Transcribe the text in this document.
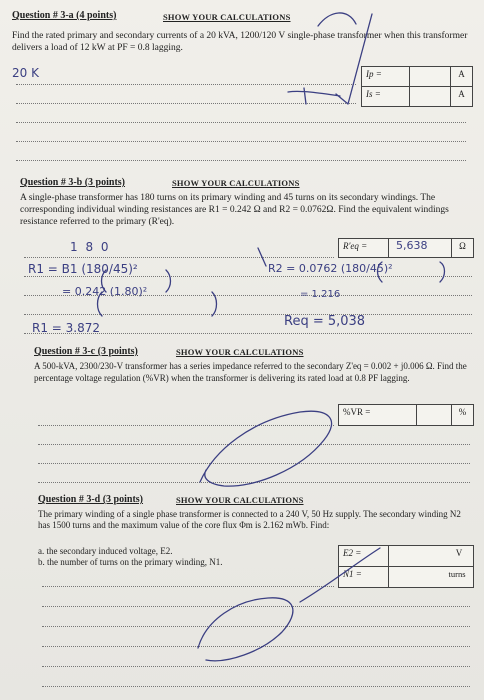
Question # 3-a (4 points)	SHOW YOUR CALCULATIONS
Find the rated primary and secondary currents of a 20 kVA, 1200/120 V single-phase transformer when this transformer delivers a load of 12 kW at PF = 0.8 lagging.
20 K	Ip =	A
Is =	A
Question # 3-b (3 points)	SHOW YOUR CALCULATIONS
A single-phase transformer has 180 turns on its primary winding and 45 turns on its secondary windings. The corresponding individual winding resistances are R1 = 0.242 Ω and R2 = 0.0762Ω. Find the equivalent windings resistance referred to the primary (R'eq).
R'eq =	5,638	Ω
1 8 0
R1 = B1 (180/45)²	R2 = 0.0762 (180/45)²
= 0.242 (1.80)²	= 1.216
R1 = 3.872	Req = 5,038
Question # 3-c (3 points)	SHOW YOUR CALCULATIONS
A 500-kVA, 2300/230-V transformer has a series impedance referred to the secondary Z'eq = 0.002 + j0.006 Ω. Find the percentage voltage regulation (%VR) when the transformer is delivering its rated load at 0.8 PF lagging.
%VR =	%
Question # 3-d (3 points)	SHOW YOUR CALCULATIONS
The primary winding of a single phase transformer is connected to a 240 V, 50 Hz supply. The secondary winding N2 has 1500 turns and the maximum value of the core flux Φm is 2.162 mWb. Find:
a. the secondary induced voltage, E2.
b. the number of turns on the primary winding, N1.
E2 =	V
N1 =	turns
